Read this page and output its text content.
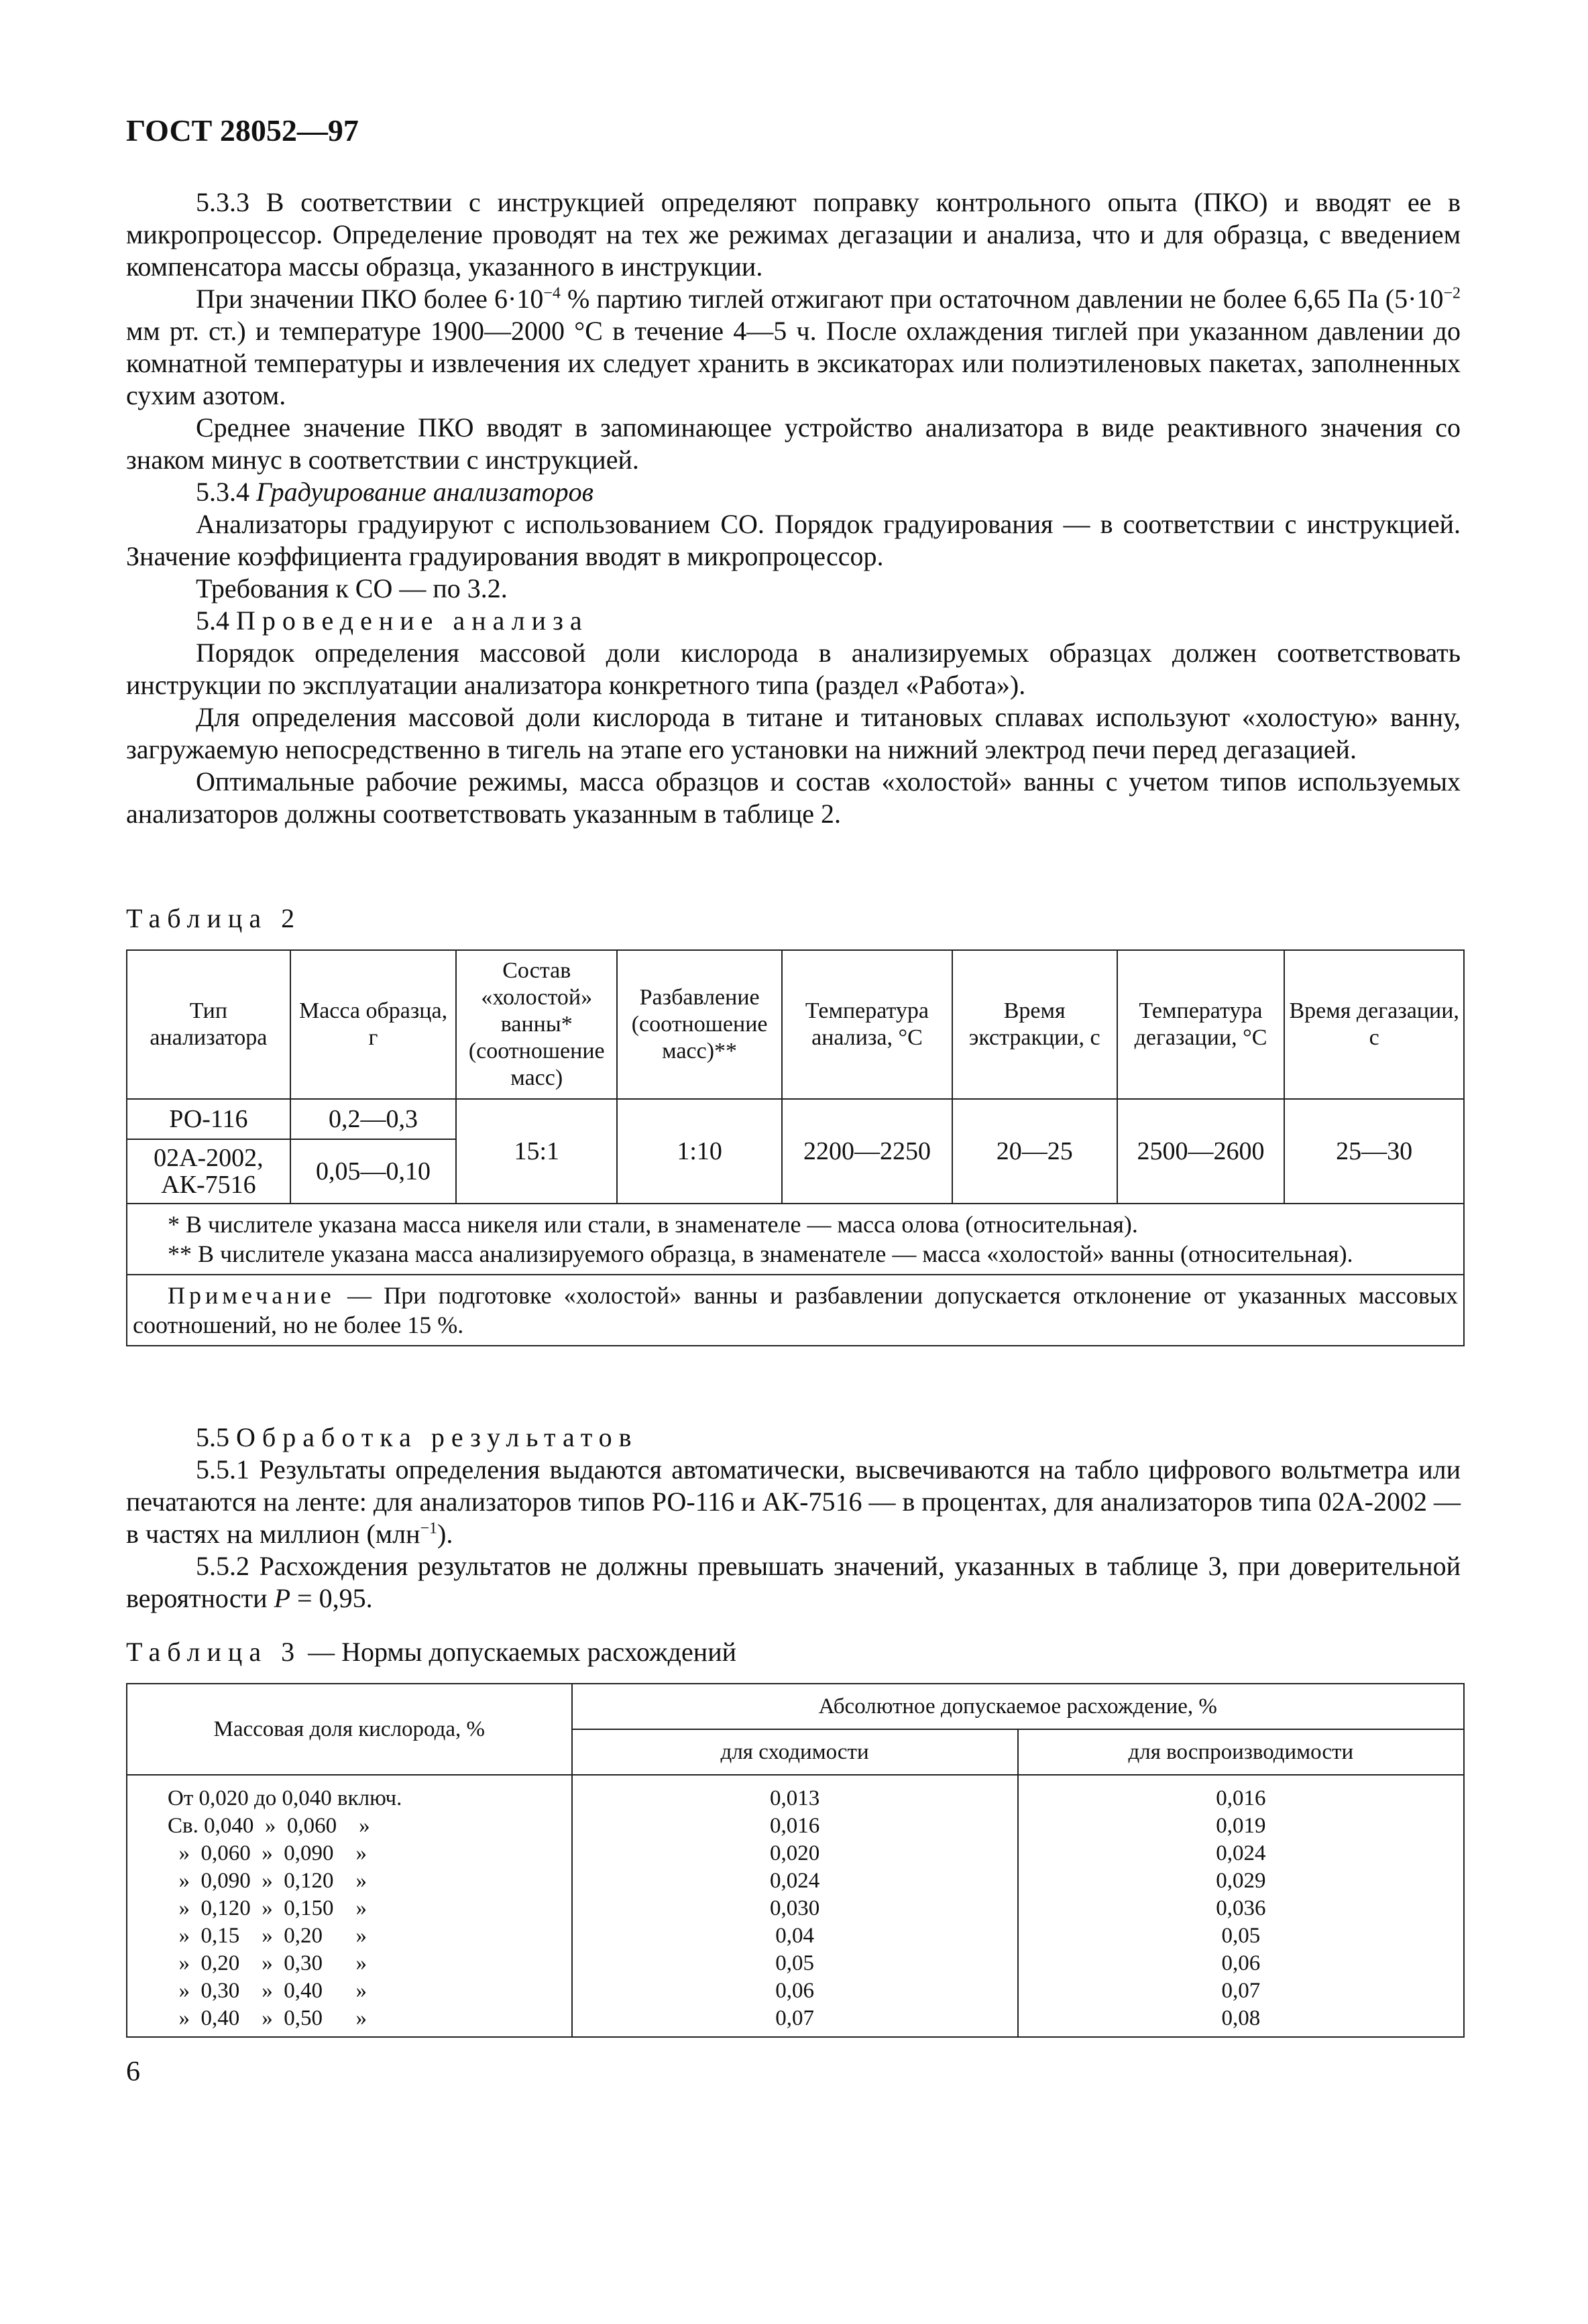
ГОСТ 28052—97

5.3.3 В соответствии с инструкцией определяют поправку контрольного опыта (ПКО) и вводят ее в микропроцессор. Определение проводят на тех же режимах дегазации и анализа, что и для образца, с введением компенсатора массы образца, указанного в инструкции.

При значении ПКО более $6\cdot 10^{-4}$ % партию тиглей отжигают при остаточном давлении не более 6,65 Па ($5\cdot 10^{-2}$ мм рт. ст.) и температуре 1900—2000 °С в течение 4—5 ч. После охлаждения тиглей при указанном давлении до комнатной температуры и извлечения их следует хранить в эксикаторах или полиэтиленовых пакетах, заполненных сухим азотом.

Среднее значение ПКО вводят в запоминающее устройство анализатора в виде реактивного значения со знаком минус в соответствии с инструкцией.

5.3.4 Градуирование анализаторов

Анализаторы градуируют с использованием СО. Порядок градуирования — в соответствии с инструкцией. Значение коэффициента градуирования вводят в микропроцессор.

Требования к СО — по 3.2.

5.4 Проведение анализа

Порядок определения массовой доли кислорода в анализируемых образцах должен соответствовать инструкции по эксплуатации анализатора конкретного типа (раздел «Работа»).

Для определения массовой доли кислорода в титане и титановых сплавах используют «холостую» ванну, загружаемую непосредственно в тигель на этапе его установки на нижний электрод печи перед дегазацией.

Оптимальные рабочие режимы, масса образцов и состав «холостой» ванны с учетом типов используемых анализаторов должны соответствовать указанным в таблице 2.

Таблица 2
Тип анализатора	Масса образца, г	Состав «холостой» ванны* (соотношение масс)	Разбавление (соотношение масс)**	Температура анализа, °С	Время экстракции, с	Температура дегазации, °С	Время дегазации, с
РО-116	0,2—0,3	15:1	1:10	2200—2250	20—25	2500—2600	25—30
02А-2002, АК-7516	0,05—0,10						

* В числителе указана масса никеля или стали, в знаменателе — масса олова (относительная).
** В числителе указана масса анализируемого образца, в знаменателе — масса «холостой» ванны (относительная).							

Примечание — При подготовке «холостой» ванны и разбавлении допускается отклонение от указанных массовых соотношений, но не более 15 %.							

5.5 Обработка результатов

5.5.1 Результаты определения выдаются автоматически, высвечиваются на табло цифрового вольтметра или печатаются на ленте: для анализаторов типов РО-116 и АК-7516 — в процентах, для анализаторов типа 02А-2002 — в частях на миллион (млн$^{-1}$).

5.5.2 Расхождения результатов не должны превышать значений, указанных в таблице 3, при доверительной вероятности Р = 0,95.

Таблица 3 — Нормы допускаемых расхождений
Массовая доля кислорода, %	Абсолютное допускаемое расхождение, %	
	для сходимости	для воспроизводимости
От 0,020 до 0,040 включ.	0,013	0,016
Св. 0,040  »  0,060    »	0,016	0,019
»  0,060  »  0,090    »	0,020	0,024
»  0,090  »  0,120    »	0,024	0,029
»  0,120  »  0,150    »	0,030	0,036
»  0,15    »  0,20      »	0,04	0,05
»  0,20    »  0,30      »	0,05	0,06
»  0,30    »  0,40      »	0,06	0,07
»  0,40    »  0,50      »	0,07	0,08
6
